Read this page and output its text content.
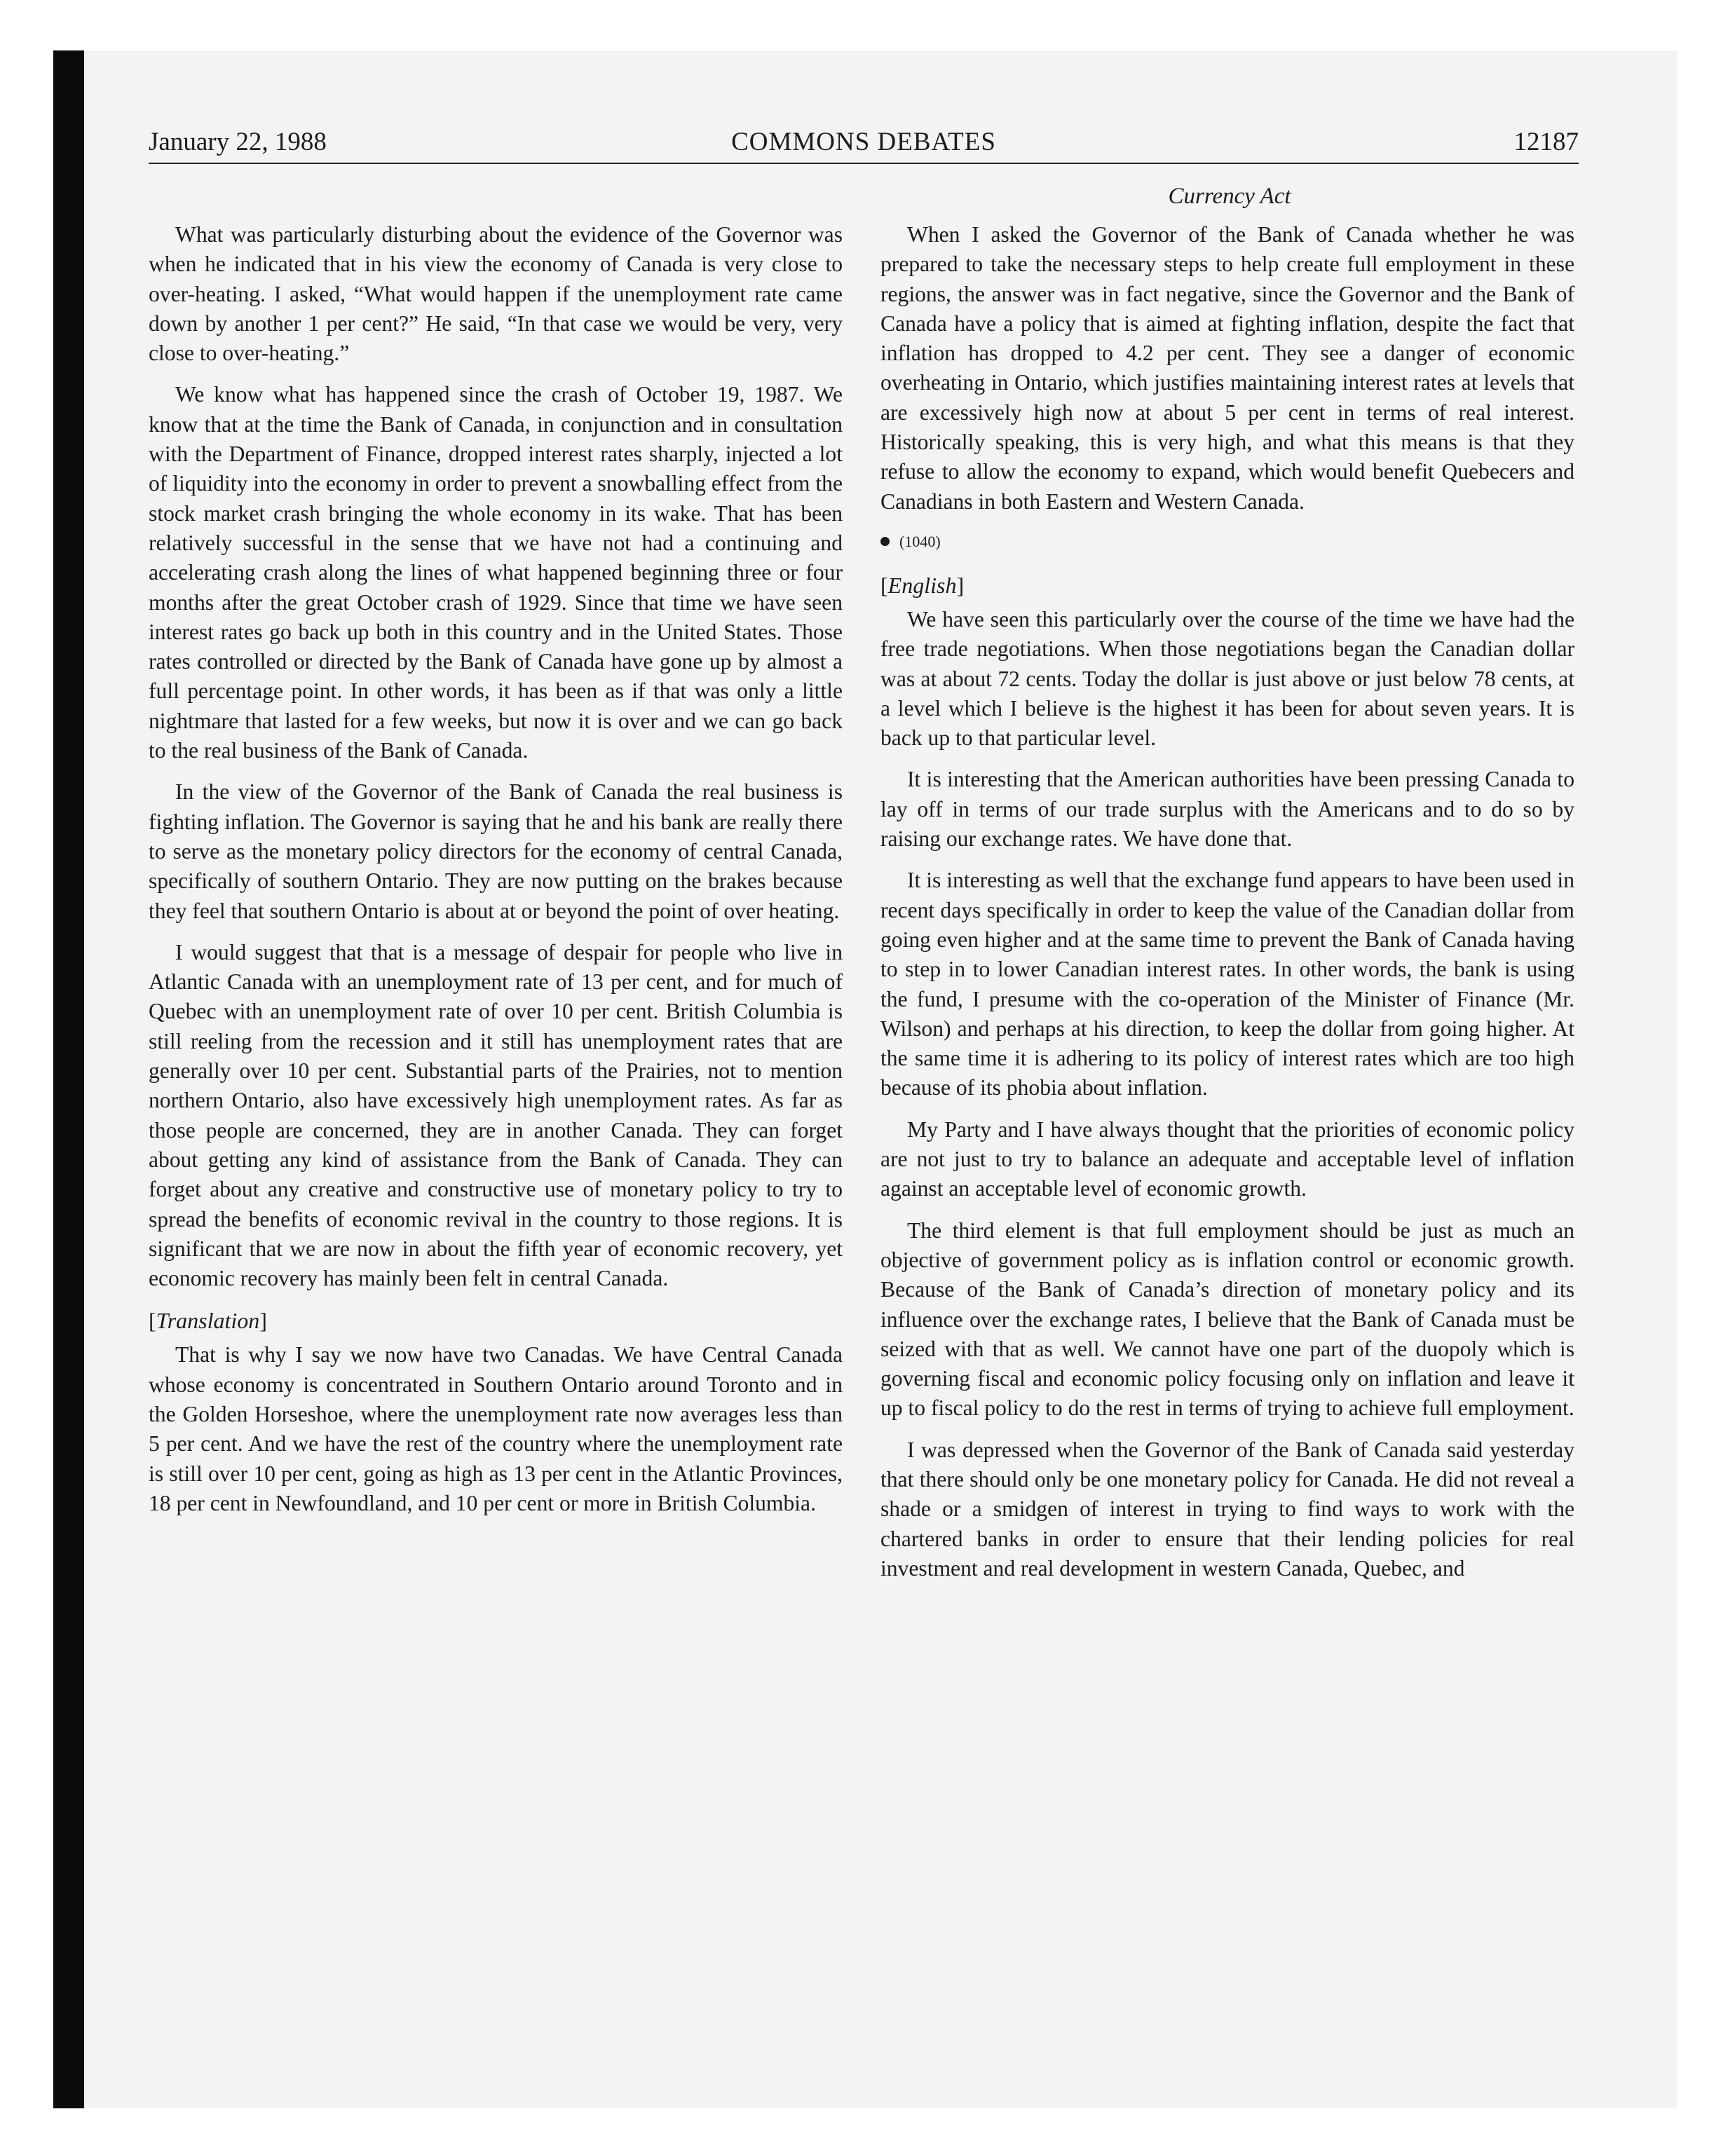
January 22, 1988	COMMONS DEBATES	12187
Currency Act

What was particularly disturbing about the evidence of the Governor was when he indicated that in his view the economy of Canada is very close to over-heating. I asked, “What would happen if the unemployment rate came down by another 1 per cent?” He said, “In that case we would be very, very close to over-heating.”

We know what has happened since the crash of October 19, 1987. We know that at the time the Bank of Canada, in conjunction and in consultation with the Department of Finance, dropped interest rates sharply, injected a lot of liquidity into the economy in order to prevent a snowballing effect from the stock market crash bringing the whole economy in its wake. That has been relatively successful in the sense that we have not had a continuing and accelerating crash along the lines of what happened beginning three or four months after the great October crash of 1929. Since that time we have seen interest rates go back up both in this country and in the United States. Those rates controlled or directed by the Bank of Canada have gone up by almost a full percentage point. In other words, it has been as if that was only a little nightmare that lasted for a few weeks, but now it is over and we can go back to the real business of the Bank of Canada.

In the view of the Governor of the Bank of Canada the real business is fighting inflation. The Governor is saying that he and his bank are really there to serve as the monetary policy directors for the economy of central Canada, specifically of southern Ontario. They are now putting on the brakes because they feel that southern Ontario is about at or beyond the point of over heating.

I would suggest that that is a message of despair for people who live in Atlantic Canada with an unemployment rate of 13 per cent, and for much of Quebec with an unemployment rate of over 10 per cent. British Columbia is still reeling from the recession and it still has unemployment rates that are generally over 10 per cent. Substantial parts of the Prairies, not to mention northern Ontario, also have excessively high unemployment rates. As far as those people are concerned, they are in another Canada. They can forget about getting any kind of assistance from the Bank of Canada. They can forget about any creative and constructive use of monetary policy to try to spread the benefits of economic revival in the country to those regions. It is significant that we are now in about the fifth year of economic recovery, yet economic recovery has mainly been felt in central Canada.

[Translation]

That is why I say we now have two Canadas. We have Central Canada whose economy is concentrated in Southern Ontario around Toronto and in the Golden Horseshoe, where the unemployment rate now averages less than 5 per cent. And we have the rest of the country where the unemployment rate is still over 10 per cent, going as high as 13 per cent in the Atlantic Provinces, 18 per cent in Newfoundland, and 10 per cent or more in British Columbia.

When I asked the Governor of the Bank of Canada whether he was prepared to take the necessary steps to help create full employment in these regions, the answer was in fact negative, since the Governor and the Bank of Canada have a policy that is aimed at fighting inflation, despite the fact that inflation has dropped to 4.2 per cent. They see a danger of economic overheating in Ontario, which justifies maintaining interest rates at levels that are excessively high now at about 5 per cent in terms of real interest. Historically speaking, this is very high, and what this means is that they refuse to allow the economy to expand, which would benefit Quebecers and Canadians in both Eastern and Western Canada.

(1040)
[English]

We have seen this particularly over the course of the time we have had the free trade negotiations. When those negotiations began the Canadian dollar was at about 72 cents. Today the dollar is just above or just below 78 cents, at a level which I believe is the highest it has been for about seven years. It is back up to that particular level.

It is interesting that the American authorities have been pressing Canada to lay off in terms of our trade surplus with the Americans and to do so by raising our exchange rates. We have done that.

It is interesting as well that the exchange fund appears to have been used in recent days specifically in order to keep the value of the Canadian dollar from going even higher and at the same time to prevent the Bank of Canada having to step in to lower Canadian interest rates. In other words, the bank is using the fund, I presume with the co-operation of the Minister of Finance (Mr. Wilson) and perhaps at his direction, to keep the dollar from going higher. At the same time it is adhering to its policy of interest rates which are too high because of its phobia about inflation.

My Party and I have always thought that the priorities of economic policy are not just to try to balance an adequate and acceptable level of inflation against an acceptable level of economic growth.

The third element is that full employment should be just as much an objective of government policy as is inflation control or economic growth. Because of the Bank of Canada’s direction of monetary policy and its influence over the exchange rates, I believe that the Bank of Canada must be seized with that as well. We cannot have one part of the duopoly which is governing fiscal and economic policy focusing only on inflation and leave it up to fiscal policy to do the rest in terms of trying to achieve full employment.

I was depressed when the Governor of the Bank of Canada said yesterday that there should only be one monetary policy for Canada. He did not reveal a shade or a smidgen of interest in trying to find ways to work with the chartered banks in order to ensure that their lending policies for real investment and real development in western Canada, Quebec, and
